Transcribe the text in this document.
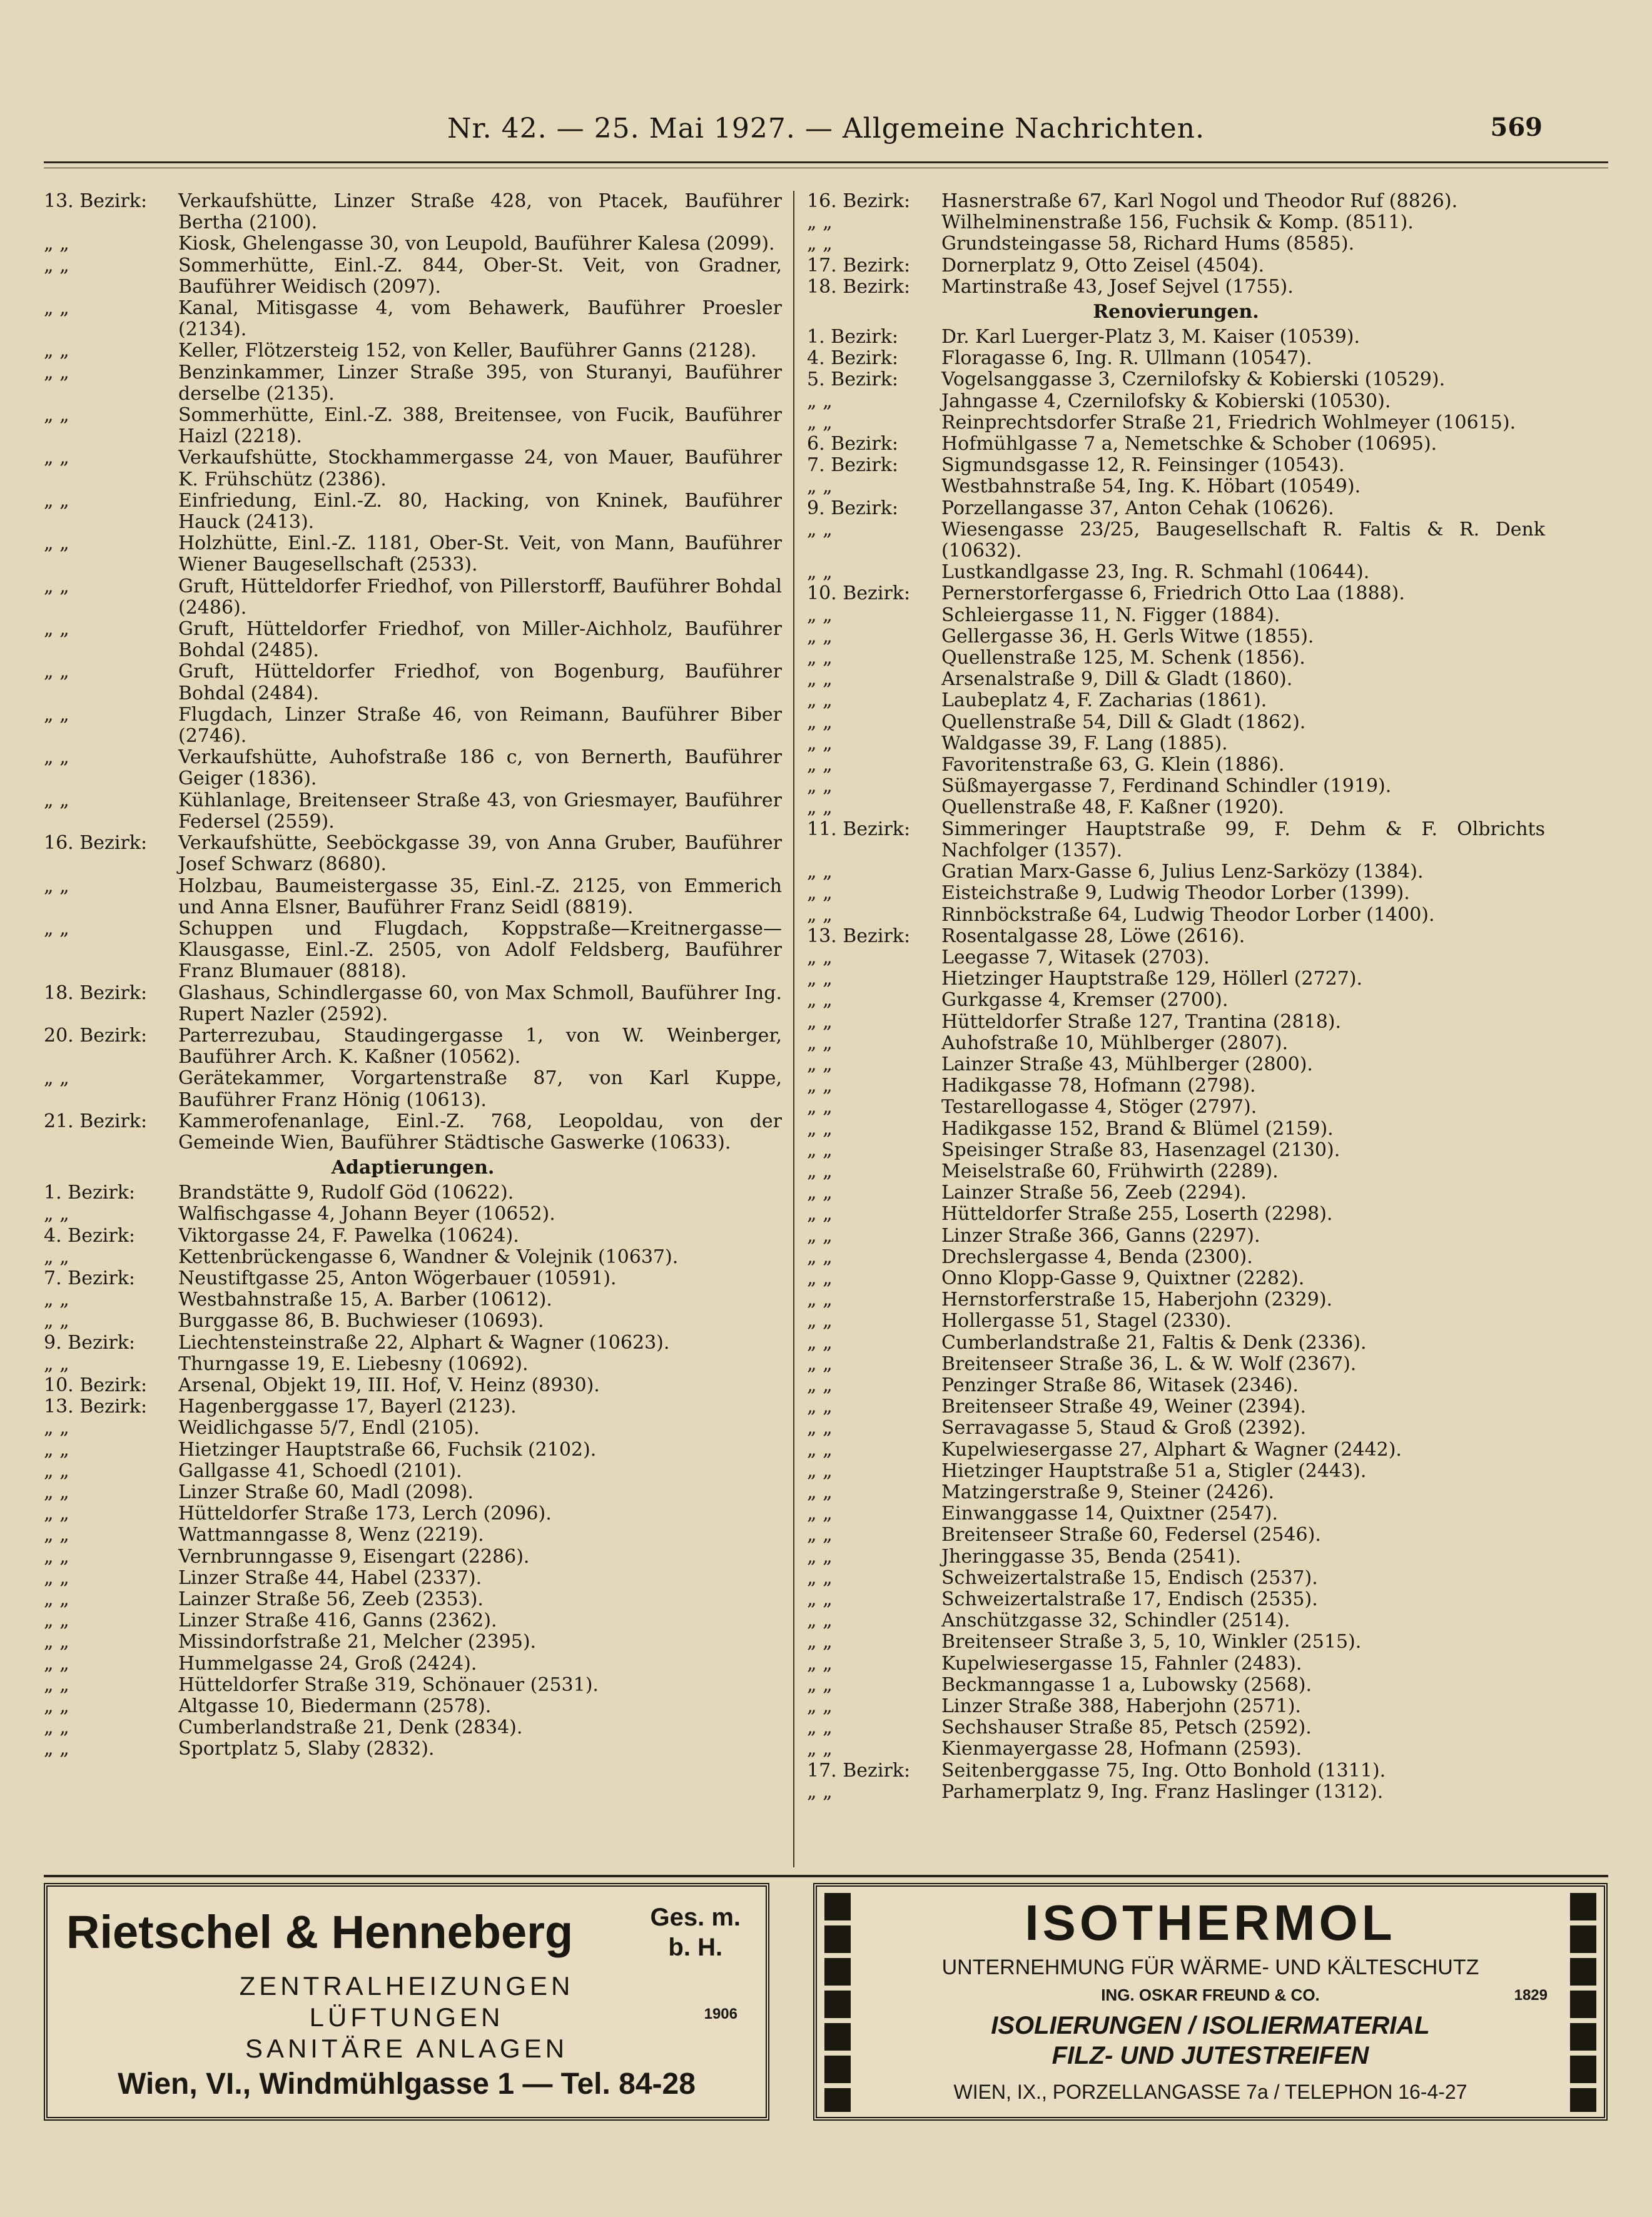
Nr. 42. — 25. Mai 1927. — Allgemeine Nachrichten.	569
13. Bezirk:	Verkaufshütte, Linzer Straße 428, von Ptacek, Bauführer Bertha (2100).
„ „	Kiosk, Ghelengasse 30, von Leupold, Bauführer Kalesa (2099).
„ „	Sommerhütte, Einl.-Z. 844, Ober-St. Veit, von Gradner, Bauführer Weidisch (2097).
„ „	Kanal, Mitisgasse 4, vom Behawerk, Bauführer Proesler (2134).
„ „	Keller, Flötzersteig 152, von Keller, Bauführer Ganns (2128).
„ „	Benzinkammer, Linzer Straße 395, von Sturanyi, Bauführer derselbe (2135).
„ „	Sommerhütte, Einl.-Z. 388, Breitensee, von Fucik, Bauführer Haizl (2218).
„ „	Verkaufshütte, Stockhammergasse 24, von Mauer, Bauführer K. Frühschütz (2386).
„ „	Einfriedung, Einl.-Z. 80, Hacking, von Kninek, Bauführer Hauck (2413).
„ „	Holzhütte, Einl.-Z. 1181, Ober-St. Veit, von Mann, Bauführer Wiener Baugesellschaft (2533).
„ „	Gruft, Hütteldorfer Friedhof, von Pillerstorff, Bauführer Bohdal (2486).
„ „	Gruft, Hütteldorfer Friedhof, von Miller-Aichholz, Bauführer Bohdal (2485).
„ „	Gruft, Hütteldorfer Friedhof, von Bogenburg, Bauführer Bohdal (2484).
„ „	Flugdach, Linzer Straße 46, von Reimann, Bauführer Biber (2746).
„ „	Verkaufshütte, Auhofstraße 186 c, von Bernerth, Bauführer Geiger (1836).
„ „	Kühlanlage, Breitenseer Straße 43, von Griesmayer, Bauführer Federsel (2559).
16. Bezirk:	Verkaufshütte, Seeböckgasse 39, von Anna Gruber, Bauführer Josef Schwarz (8680).
„ „	Holzbau, Baumeistergasse 35, Einl.-Z. 2125, von Emmerich und Anna Elsner, Bauführer Franz Seidl (8819).
„ „	Schuppen und Flugdach, Koppstraße—Kreitnergasse—Klausgasse, Einl.-Z. 2505, von Adolf Feldsberg, Bauführer Franz Blumauer (8818).
18. Bezirk:	Glashaus, Schindlergasse 60, von Max Schmoll, Bauführer Ing. Rupert Nazler (2592).
20. Bezirk:	Parterrezubau, Staudingergasse 1, von W. Weinberger, Bauführer Arch. K. Kaßner (10562).
„ „	Gerätekammer, Vorgartenstraße 87, von Karl Kuppe, Bauführer Franz Hönig (10613).
21. Bezirk:	Kammerofenanlage, Einl.-Z. 768, Leopoldau, von der Gemeinde Wien, Bauführer Städtische Gaswerke (10633).
Adaptierungen.
1. Bezirk:	Brandstätte 9, Rudolf Göd (10622).
„ „	Walfischgasse 4, Johann Beyer (10652).
4. Bezirk:	Viktorgasse 24, F. Pawelka (10624).
„ „	Kettenbrückengasse 6, Wandner & Volejnik (10637).
7. Bezirk:	Neustiftgasse 25, Anton Wögerbauer (10591).
„ „	Westbahnstraße 15, A. Barber (10612).
„ „	Burggasse 86, B. Buchwieser (10693).
9. Bezirk:	Liechtensteinstraße 22, Alphart & Wagner (10623).
„ „	Thurngasse 19, E. Liebesny (10692).
10. Bezirk:	Arsenal, Objekt 19, III. Hof, V. Heinz (8930).
13. Bezirk:	Hagenberggasse 17, Bayerl (2123).
„ „	Weidlichgasse 5/7, Endl (2105).
„ „	Hietzinger Hauptstraße 66, Fuchsik (2102).
„ „	Gallgasse 41, Schoedl (2101).
„ „	Linzer Straße 60, Madl (2098).
„ „	Hütteldorfer Straße 173, Lerch (2096).
„ „	Wattmanngasse 8, Wenz (2219).
„ „	Vernbrunngasse 9, Eisengart (2286).
„ „	Linzer Straße 44, Habel (2337).
„ „	Lainzer Straße 56, Zeeb (2353).
„ „	Linzer Straße 416, Ganns (2362).
„ „	Missindorfstraße 21, Melcher (2395).
„ „	Hummelgasse 24, Groß (2424).
„ „	Hütteldorfer Straße 319, Schönauer (2531).
„ „	Altgasse 10, Biedermann (2578).
„ „	Cumberlandstraße 21, Denk (2834).
„ „	Sportplatz 5, Slaby (2832).
16. Bezirk:	Hasnerstraße 67, Karl Nogol und Theodor Ruf (8826).
„ „	Wilhelminenstraße 156, Fuchsik & Komp. (8511).
„ „	Grundsteingasse 58, Richard Hums (8585).
17. Bezirk:	Dornerplatz 9, Otto Zeisel (4504).
18. Bezirk:	Martinstraße 43, Josef Sejvel (1755).
Renovierungen.
1. Bezirk:	Dr. Karl Luerger-Platz 3, M. Kaiser (10539).
4. Bezirk:	Floragasse 6, Ing. R. Ullmann (10547).
5. Bezirk:	Vogelsanggasse 3, Czernilofsky & Kobierski (10529).
„ „	Jahngasse 4, Czernilofsky & Kobierski (10530).
„ „	Reinprechtsdorfer Straße 21, Friedrich Wohlmeyer (10615).
6. Bezirk:	Hofmühlgasse 7 a, Nemetschke & Schober (10695).
7. Bezirk:	Sigmundsgasse 12, R. Feinsinger (10543).
„ „	Westbahnstraße 54, Ing. K. Höbart (10549).
9. Bezirk:	Porzellangasse 37, Anton Cehak (10626).
„ „	Wiesengasse 23/25, Baugesellschaft R. Faltis & R. Denk (10632).
„ „	Lustkandlgasse 23, Ing. R. Schmahl (10644).
10. Bezirk:	Pernerstorfergasse 6, Friedrich Otto Laa (1888).
„ „	Schleiergasse 11, N. Figger (1884).
„ „	Gellergasse 36, H. Gerls Witwe (1855).
„ „	Quellenstraße 125, M. Schenk (1856).
„ „	Arsenalstraße 9, Dill & Gladt (1860).
„ „	Laubeplatz 4, F. Zacharias (1861).
„ „	Quellenstraße 54, Dill & Gladt (1862).
„ „	Waldgasse 39, F. Lang (1885).
„ „	Favoritenstraße 63, G. Klein (1886).
„ „	Süßmayergasse 7, Ferdinand Schindler (1919).
„ „	Quellenstraße 48, F. Kaßner (1920).
11. Bezirk:	Simmeringer Hauptstraße 99, F. Dehm & F. Olbrichts Nachfolger (1357).
„ „	Gratian Marx-Gasse 6, Julius Lenz-Sarközy (1384).
„ „	Eisteichstraße 9, Ludwig Theodor Lorber (1399).
„ „	Rinnböckstraße 64, Ludwig Theodor Lorber (1400).
13. Bezirk:	Rosentalgasse 28, Löwe (2616).
„ „	Leegasse 7, Witasek (2703).
„ „	Hietzinger Hauptstraße 129, Höllerl (2727).
„ „	Gurkgasse 4, Kremser (2700).
„ „	Hütteldorfer Straße 127, Trantina (2818).
„ „	Auhofstraße 10, Mühlberger (2807).
„ „	Lainzer Straße 43, Mühlberger (2800).
„ „	Hadikgasse 78, Hofmann (2798).
„ „	Testarellogasse 4, Stöger (2797).
„ „	Hadikgasse 152, Brand & Blümel (2159).
„ „	Speisinger Straße 83, Hasenzagel (2130).
„ „	Meiselstraße 60, Frühwirth (2289).
„ „	Lainzer Straße 56, Zeeb (2294).
„ „	Hütteldorfer Straße 255, Loserth (2298).
„ „	Linzer Straße 366, Ganns (2297).
„ „	Drechslergasse 4, Benda (2300).
„ „	Onno Klopp-Gasse 9, Quixtner (2282).
„ „	Hernstorferstraße 15, Haberjohn (2329).
„ „	Hollergasse 51, Stagel (2330).
„ „	Cumberlandstraße 21, Faltis & Denk (2336).
„ „	Breitenseer Straße 36, L. & W. Wolf (2367).
„ „	Penzinger Straße 86, Witasek (2346).
„ „	Breitenseer Straße 49, Weiner (2394).
„ „	Serravagasse 5, Staud & Groß (2392).
„ „	Kupelwiesergasse 27, Alphart & Wagner (2442).
„ „	Hietzinger Hauptstraße 51 a, Stigler (2443).
„ „	Matzingerstraße 9, Steiner (2426).
„ „	Einwanggasse 14, Quixtner (2547).
„ „	Breitenseer Straße 60, Federsel (2546).
„ „	Jheringgasse 35, Benda (2541).
„ „	Schweizertalstraße 15, Endisch (2537).
„ „	Schweizertalstraße 17, Endisch (2535).
„ „	Anschützgasse 32, Schindler (2514).
„ „	Breitenseer Straße 3, 5, 10, Winkler (2515).
„ „	Kupelwiesergasse 15, Fahnler (2483).
„ „	Beckmanngasse 1 a, Lubowsky (2568).
„ „	Linzer Straße 388, Haberjohn (2571).
„ „	Sechshauser Straße 85, Petsch (2592).
„ „	Kienmayergasse 28, Hofmann (2593).
17. Bezirk:	Seitenberggasse 75, Ing. Otto Bonhold (1311).
„ „	Parhamerplatz 9, Ing. Franz Haslinger (1312).
Rietschel & Henneberg	Ges. m.
b. H.
ZENTRALHEIZUNGEN
LÜFTUNGEN
SANITÄRE ANLAGEN
1906
Wien, VI., Windmühlgasse 1 — Tel. 84-28
ISOTHERMOL
UNTERNEHMUNG FÜR WÄRME- UND KÄLTESCHUTZ
ING. OSKAR FREUND & CO.	1829
ISOLIERUNGEN / ISOLIERMATERIAL
FILZ- UND JUTESTREIFEN
WIEN, IX., PORZELLANGASSE 7a / TELEPHON 16-4-27
